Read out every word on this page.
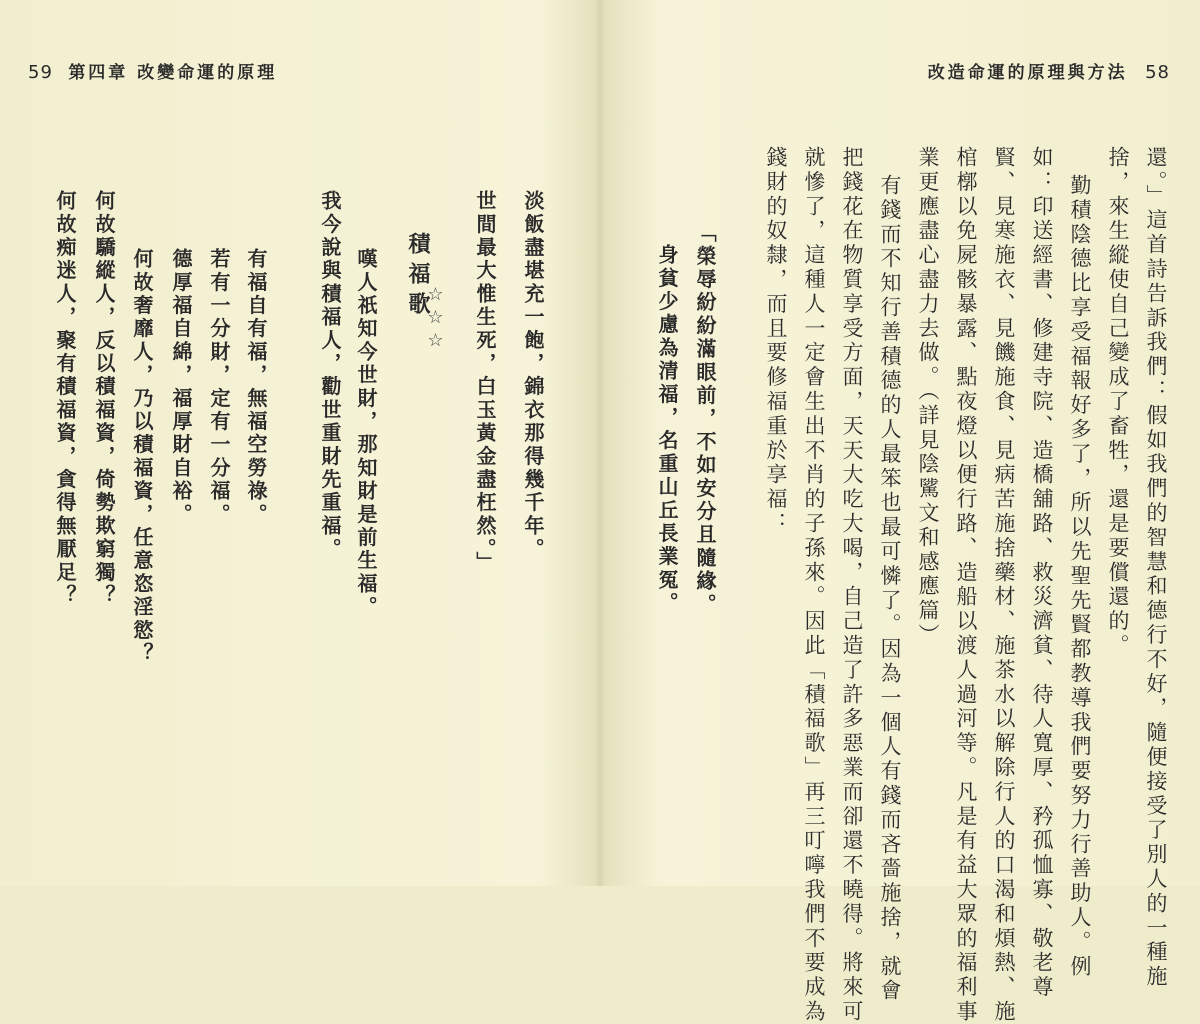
59 第四章 改變命運的原理
淡飯盡堪充一飽，錦衣那得幾千年。
世間最大惟生死，白玉黃金盡枉然。」
積福歌
☆☆☆
我今說與積福人，勸世重財先重福。 嘆人祇知今世財，那知財是前生福。
有福自有福，無福空勞祿。
若有一分財，定有一分福。
德厚福自綿，福厚財自裕。
何故奢靡人，乃以積福資，任意恣淫慾？
何故驕縱人，反以積福資，倚勢欺窮獨？
何故痴迷人，聚有積福資，貪得無厭足？
改造命運的原理與方法 58
還。」這首詩告訴我們：假如我們的智慧和德行不好，隨便接受了別人的一種施
捨，來生縱使自己變成了畜牲，還是要償還的。
勤積陰德比享受福報好多了，所以先聖先賢都教導我們要努力行善助人。例
如：印送經書、修建寺院、造橋舖路、救災濟貧、待人寬厚、矜孤恤寡、敬老尊
賢、見寒施衣、見饑施食、見病苦施捨藥材、施茶水以解除行人的口渴和煩熱、施
棺槨以免屍骸暴露、點夜燈以便行路、造船以渡人過河等。凡是有益大眾的福利事
業更應盡心盡力去做。（詳見陰騭文和感應篇）
有錢而不知行善積德的人最笨也最可憐了。因為一個人有錢而吝嗇施捨，就會
把錢花在物質享受方面，天天大吃大喝，自己造了許多惡業而卻還不曉得。將來可
就慘了，這種人一定會生出不肖的子孫來。因此「積福歌」再三叮嚀我們不要成為
錢財的奴隸，而且要修福重於享福：
「榮辱紛紛滿眼前，不如安分且隨緣。
身貧少慮為清福，名重山丘長業冤。
